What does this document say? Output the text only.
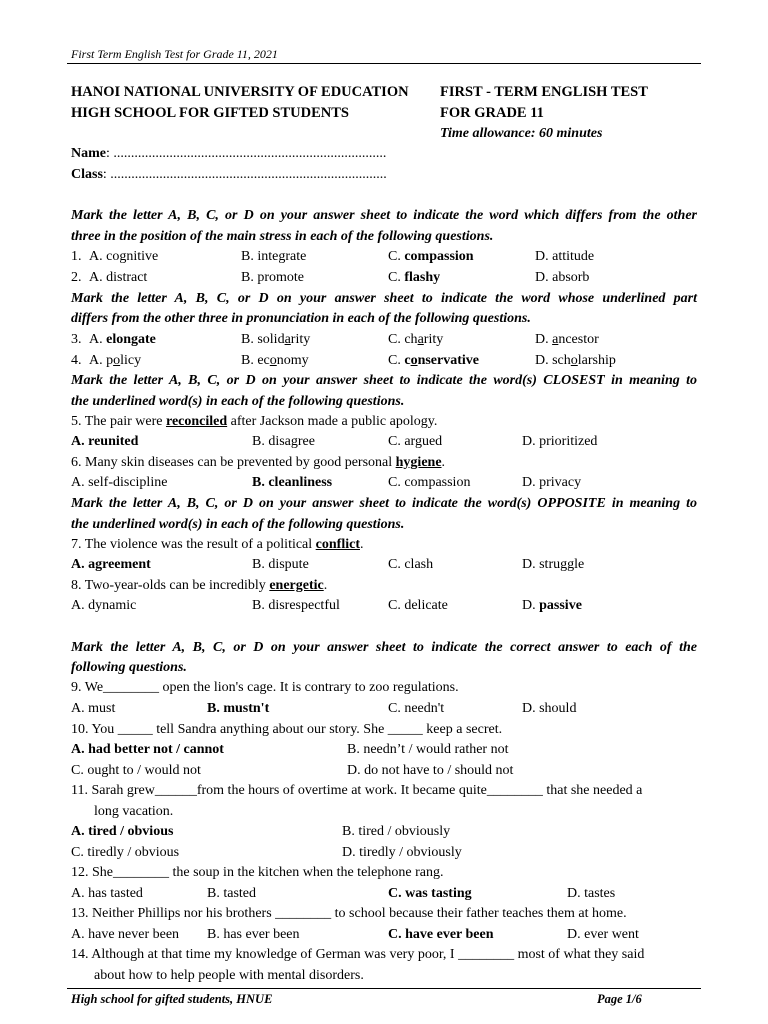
First Term English Test for Grade 11, 2021
HANOI NATIONAL UNIVERSITY OF EDUCATION
HIGH SCHOOL FOR GIFTED STUDENTS
FIRST - TERM ENGLISH TEST
FOR GRADE 11
Time allowance: 60 minutes
Name: ..............................................................................
Class: ...............................................................................
Mark the letter A, B, C, or D on your answer sheet to indicate the word which differs from the other
three in the position of the main stress in each of the following questions.
1. A. cognitive	B. integrate	C. compassion	D. attitude
2. A. distract	B. promote	C. flashy	D. absorb
Mark the letter A, B, C, or D on your answer sheet to indicate the word whose underlined part
differs from the other three in pronunciation in each of the following questions.
3. A. elongate	B. solidarity	C. charity	D. ancestor
4. A. policy	B. economy	C. conservative	D. scholarship
Mark the letter A, B, C, or D on your answer sheet to indicate the word(s) CLOSEST in meaning to
the underlined word(s) in each of the following questions.
5. The pair were reconciled after Jackson made a public apology.
A. reunited	B. disagree	C. argued	D. prioritized
6. Many skin diseases can be prevented by good personal hygiene.
A. self-discipline	B. cleanliness	C. compassion	D. privacy
Mark the letter A, B, C, or D on your answer sheet to indicate the word(s) OPPOSITE in meaning to
the underlined word(s) in each of the following questions.
7. The violence was the result of a political conflict.
A. agreement	B. dispute	C. clash	D. struggle
8. Two-year-olds can be incredibly energetic.
A. dynamic	B. disrespectful	C. delicate	D. passive
Mark the letter A, B, C, or D on your answer sheet to indicate the correct answer to each of the
following questions.
9. We________ open the lion's cage. It is contrary to zoo regulations.
A. must	B. mustn't	C. needn't	D. should
10. You _____ tell Sandra anything about our story. She _____ keep a secret.
A. had better not / cannot	B. needn’t / would rather not
C. ought to / would not	D. do not have to / should not
11. Sarah grew______from the hours of overtime at work. It became quite________ that she needed a
long vacation.
A. tired / obvious	B. tired / obviously
C. tiredly / obvious	D. tiredly / obviously
12. She________ the soup in the kitchen when the telephone rang.
A. has tasted	B. tasted	C. was tasting	D. tastes
13. Neither Phillips nor his brothers ________ to school because their father teaches them at home.
A. have never been B. has ever been	C. have ever been	D. ever went
14. Although at that time my knowledge of German was very poor, I ________ most of what they said
about how to help people with mental disorders.
High school for gifted students, HNUE	Page 1/6
